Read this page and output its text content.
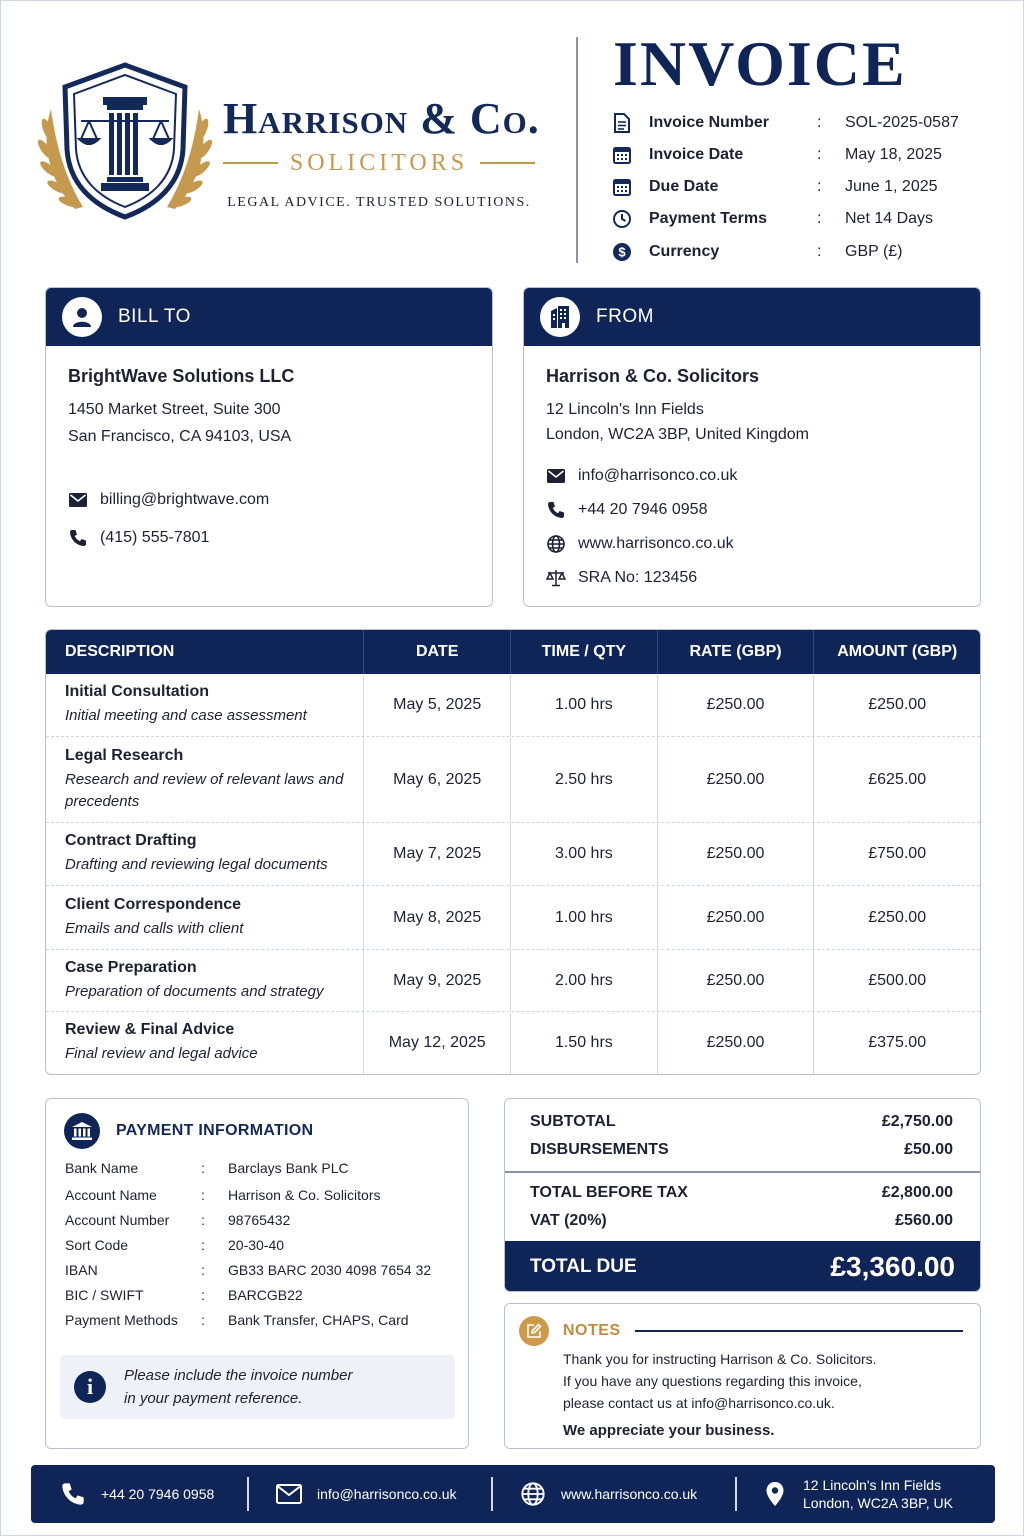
Harrison & Co.
SOLICITORS
LEGAL ADVICE. TRUSTED SOLUTIONS.
INVOICE
Invoice Number	:	SOL-2025-0587
Invoice Date	:	May 18, 2025
Due Date	:	June 1, 2025
Payment Terms	:	Net 14 Days
$ Currency	:	GBP (£)
BILL TO
BrightWave Solutions LLC
1450 Market Street, Suite 300
San Francisco, CA 94103, USA
billing@brightwave.com
(415) 555-7801
FROM
Harrison & Co. Solicitors
12 Lincoln's Inn Fields
London, WC2A 3BP, United Kingdom
info@harrisonco.co.uk
+44 20 7946 0958
www.harrisonco.co.uk
SRA No: 123456
DESCRIPTION	DATE	TIME / QTY	RATE (GBP)	AMOUNT (GBP)
Initial Consultation
Initial meeting and case assessment
May 5, 2025	1.00 hrs	£250.00	£250.00
Legal Research
Research and review of relevant laws and precedents
May 6, 2025	2.50 hrs	£250.00	£625.00
Contract Drafting
Drafting and reviewing legal documents
May 7, 2025	3.00 hrs	£250.00	£750.00
Client Correspondence
Emails and calls with client
May 8, 2025	1.00 hrs	£250.00	£250.00
Case Preparation
Preparation of documents and strategy
May 9, 2025	2.00 hrs	£250.00	£500.00
Review & Final Advice
Final review and legal advice
May 12, 2025	1.50 hrs	£250.00	£375.00
PAYMENT INFORMATION
Bank Name	:	Barclays Bank PLC
Account Name	:	Harrison & Co. Solicitors
Account Number	:	98765432
Sort Code	:	20-30-40
IBAN	:	GB33 BARC 2030 4098 7654 32
BIC / SWIFT	:	BARCGB22
Payment Methods	:	Bank Transfer, CHAPS, Card
i	Please include the invoice number
in your payment reference.
SUBTOTAL	£2,750.00
DISBURSEMENTS	£50.00
TOTAL BEFORE TAX	£2,800.00
VAT (20%)	£560.00
TOTAL DUE	£3,360.00
NOTES
Thank you for instructing Harrison & Co. Solicitors.
If you have any questions regarding this invoice,
please contact us at info@harrisonco.co.uk.
We appreciate your business.
+44 20 7946 0958	info@harrisonco.co.uk	www.harrisonco.co.uk
12 Lincoln's Inn Fields
London, WC2A 3BP, UK
